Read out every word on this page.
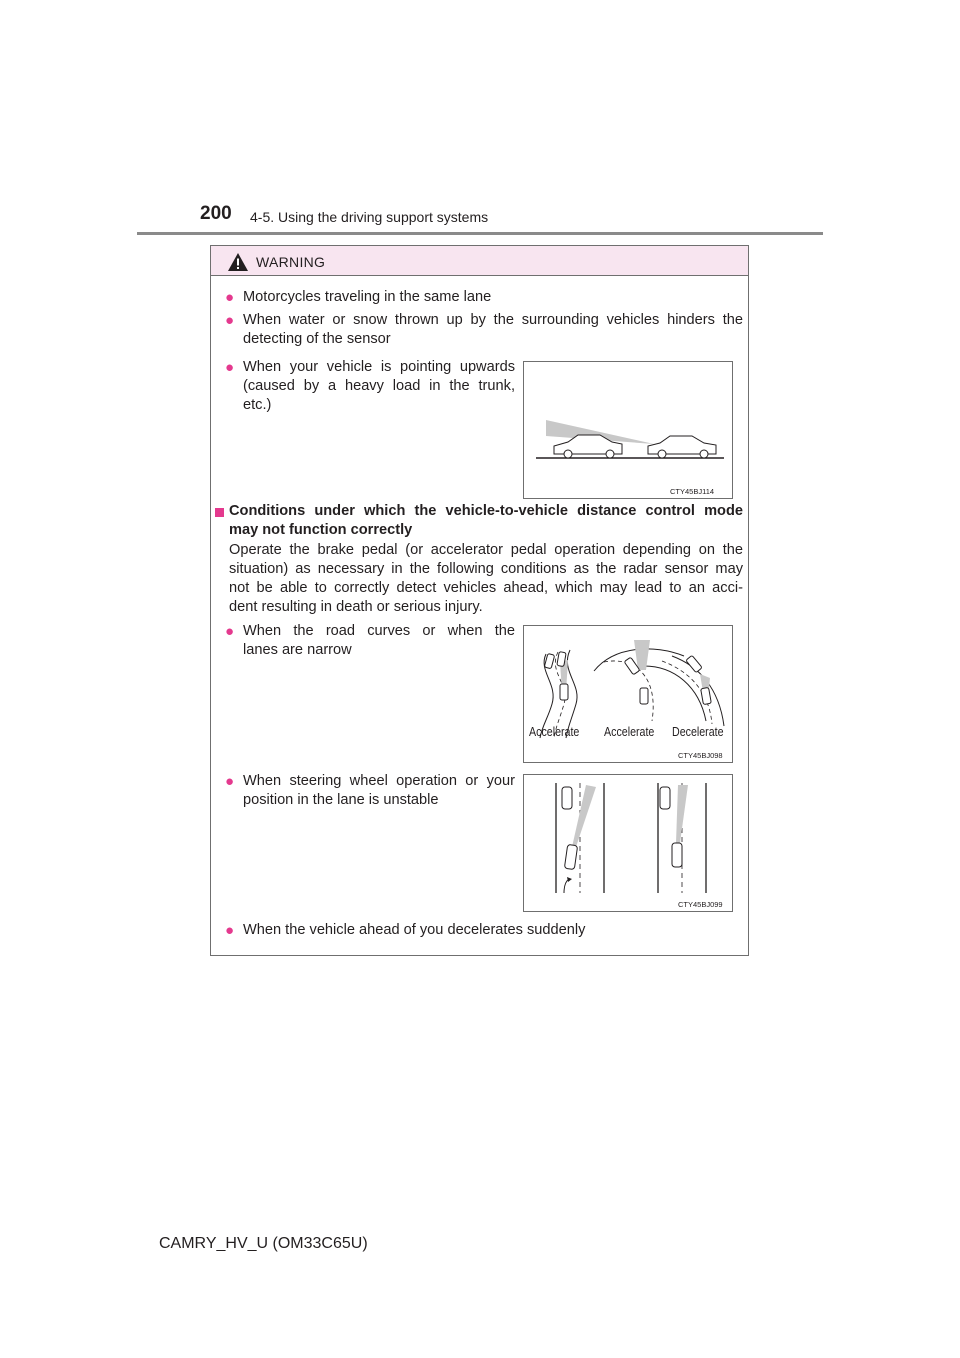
200 4-5. Using the driving support systems
WARNING
● Motorcycles traveling in the same lane
● When water or snow thrown up by the surrounding vehicles hinders the
detecting of the sensor
● When your vehicle is pointing upwards
(caused by a heavy load in the trunk,
etc.)
CTY45BJ114
Conditions under which the vehicle-to-vehicle distance control mode
may not function correctly
Operate the brake pedal (or accelerator pedal operation depending on the
situation) as necessary in the following conditions as the radar sensor may
not be able to correctly detect vehicles ahead, which may lead to an acci-
dent resulting in death or serious injury.
● When the road curves or when the
lanes are narrow
Accelerate Accelerate Decelerate
CTY45BJ098
● When steering wheel operation or your
position in the lane is unstable
CTY45BJ099
● When the vehicle ahead of you decelerates suddenly
CAMRY_HV_U (OM33C65U)
